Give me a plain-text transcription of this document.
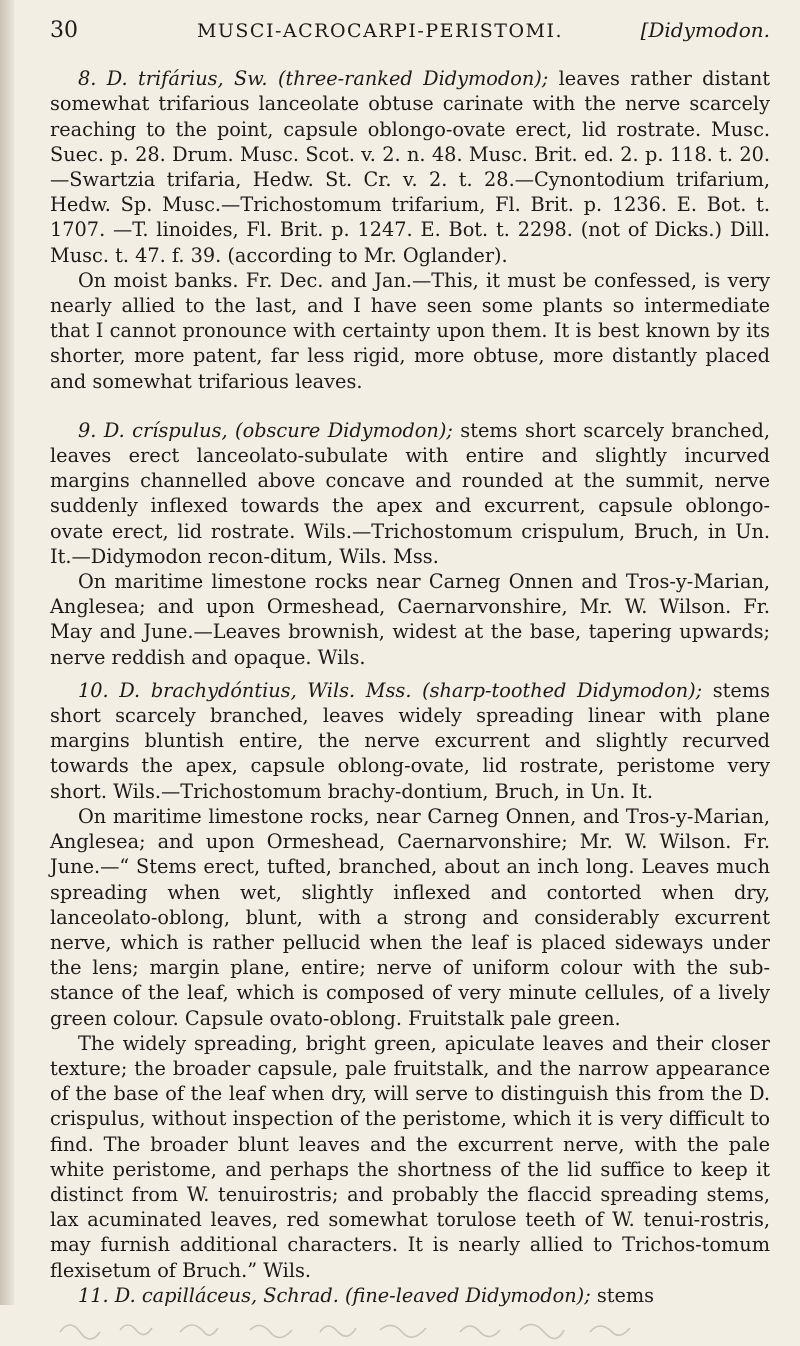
30	MUSCI-ACROCARPI-PERISTOMI.	[Didymodon.

8. D. trifárius, Sw. (three-ranked Didymodon); leaves rather distant somewhat trifarious lanceolate obtuse carinate with the nerve scarcely reaching to the point, capsule oblongo-ovate erect, lid rostrate. Musc. Suec. p. 28. Drum. Musc. Scot. v. 2. n. 48. Musc. Brit. ed. 2. p. 118. t. 20.—Swartzia trifaria, Hedw. St. Cr. v. 2. t. 28.—Cynontodium trifarium, Hedw. Sp. Musc.—Trichostomum trifarium, Fl. Brit. p. 1236. E. Bot. t. 1707. —T. linoides, Fl. Brit. p. 1247. E. Bot. t. 2298. (not of Dicks.) Dill. Musc. t. 47. f. 39. (according to Mr. Oglander).

On moist banks. Fr. Dec. and Jan.—This, it must be confessed, is very nearly allied to the last, and I have seen some plants so intermediate that I cannot pronounce with certainty upon them. It is best known by its shorter, more patent, far less rigid, more obtuse, more distantly placed and somewhat trifarious leaves.

9. D. críspulus, (obscure Didymodon); stems short scarcely branched, leaves erect lanceolato-subulate with entire and slightly incurved margins channelled above concave and rounded at the summit, nerve suddenly inflexed towards the apex and excurrent, capsule oblongo-ovate erect, lid rostrate. Wils.—Trichostomum crispulum, Bruch, in Un. It.—Didymodon recon-ditum, Wils. Mss.

On maritime limestone rocks near Carneg Onnen and Tros-y-Marian, Anglesea; and upon Ormeshead, Caernarvonshire, Mr. W. Wilson. Fr. May and June.—Leaves brownish, widest at the base, tapering upwards; nerve reddish and opaque. Wils.

10. D. brachydóntius, Wils. Mss. (sharp-toothed Didymodon); stems short scarcely branched, leaves widely spreading linear with plane margins bluntish entire, the nerve excurrent and slightly recurved towards the apex, capsule oblong-ovate, lid rostrate, peristome very short. Wils.—Trichostomum brachy-dontium, Bruch, in Un. It.

On maritime limestone rocks, near Carneg Onnen, and Tros-y-Marian, Anglesea; and upon Ormeshead, Caernarvonshire; Mr. W. Wilson. Fr. June.—“ Stems erect, tufted, branched, about an inch long. Leaves much spreading when wet, slightly inflexed and contorted when dry, lanceolato-oblong, blunt, with a strong and considerably excurrent nerve, which is rather pellucid when the leaf is placed sideways under the lens; margin plane, entire; nerve of uniform colour with the sub-stance of the leaf, which is composed of very minute cellules, of a lively green colour. Capsule ovato-oblong. Fruitstalk pale green.

The widely spreading, bright green, apiculate leaves and their closer texture; the broader capsule, pale fruitstalk, and the narrow appearance of the base of the leaf when dry, will serve to distinguish this from the D. crispulus, without inspection of the peristome, which it is very difficult to find. The broader blunt leaves and the excurrent nerve, with the pale white peristome, and perhaps the shortness of the lid suffice to keep it distinct from W. tenuirostris; and probably the flaccid spreading stems, lax acuminated leaves, red somewhat torulose teeth of W. tenui-rostris, may furnish additional characters. It is nearly allied to Trichos-tomum flexisetum of Bruch.” Wils.

11. D. capilláceus, Schrad. (fine-leaved Didymodon); stems
